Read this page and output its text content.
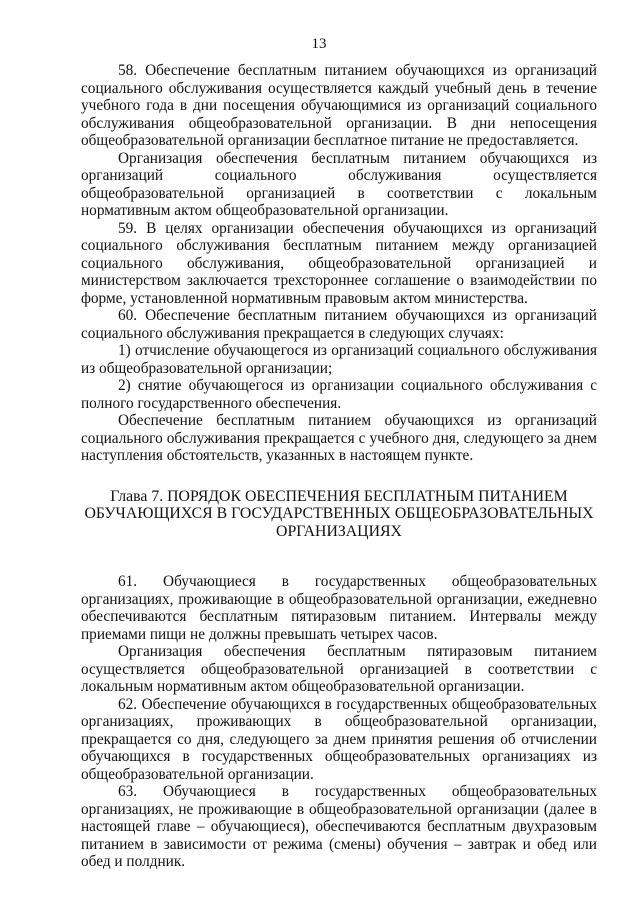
13

58. Обеспечение бесплатным питанием обучающихся из организаций социального обслуживания осуществляется каждый учебный день в течение учебного года в дни посещения обучающимися из организаций социального обслуживания общеобразовательной организации. В дни непосещения общеобразовательной организации бесплатное питание не предоставляется.

Организация обеспечения бесплатным питанием обучающихся из организаций социального обслуживания осуществляется общеобразовательной организацией в соответствии с локальным нормативным актом общеобразовательной организации.

59. В целях организации обеспечения обучающихся из организаций социального обслуживания бесплатным питанием между организацией социального обслуживания, общеобразовательной организацией и министерством заключается трехстороннее соглашение о взаимодействии по форме, установленной нормативным правовым актом министерства.

60. Обеспечение бесплатным питанием обучающихся из организаций социального обслуживания прекращается в следующих случаях:

1) отчисление обучающегося из организаций социального обслуживания из общеобразовательной организации;

2) снятие обучающегося из организации социального обслуживания с полного государственного обеспечения.

Обеспечение бесплатным питанием обучающихся из организаций социального обслуживания прекращается с учебного дня, следующего за днем наступления обстоятельств, указанных в настоящем пункте.

Глава 7. ПОРЯДОК ОБЕСПЕЧЕНИЯ БЕСПЛАТНЫМ ПИТАНИЕМ ОБУЧАЮЩИХСЯ В ГОСУДАРСТВЕННЫХ ОБЩЕОБРАЗОВАТЕЛЬНЫХ ОРГАНИЗАЦИЯХ

61. Обучающиеся в государственных общеобразовательных организациях, проживающие в общеобразовательной организации, ежедневно обеспечиваются бесплатным пятиразовым питанием. Интервалы между приемами пищи не должны превышать четырех часов.

Организация обеспечения бесплатным пятиразовым питанием осуществляется общеобразовательной организацией в соответствии с локальным нормативным актом общеобразовательной организации.

62. Обеспечение обучающихся в государственных общеобразовательных организациях, проживающих в общеобразовательной организации, прекращается со дня, следующего за днем принятия решения об отчислении обучающихся в государственных общеобразовательных организациях из общеобразовательной организации.

63. Обучающиеся в государственных общеобразовательных организациях, не проживающие в общеобразовательной организации (далее в настоящей главе – обучающиеся), обеспечиваются бесплатным двухразовым питанием в зависимости от режима (смены) обучения – завтрак и обед или обед и полдник.
